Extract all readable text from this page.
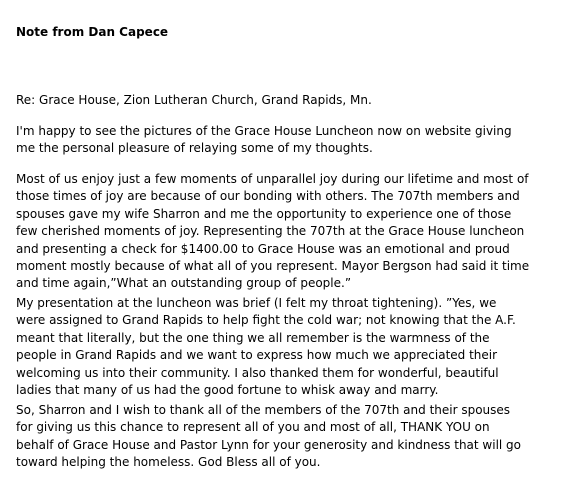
Note from Dan Capece

Re: Grace House, Zion Lutheran Church, Grand Rapids, Mn.

I'm happy to see the pictures of the Grace House Luncheon now on website giving
me the personal pleasure of relaying some of my thoughts.

Most of us enjoy just a few moments of unparallel joy during our lifetime and most of
those times of joy are because of our bonding with others. The 707th members and
spouses gave my wife Sharron and me the opportunity to experience one of those
few cherished moments of joy. Representing the 707th at the Grace House luncheon
and presenting a check for $1400.00 to Grace House was an emotional and proud
moment mostly because of what all of you represent. Mayor Bergson had said it time
and time again,”What an outstanding group of people.”

My presentation at the luncheon was brief (I felt my throat tightening). ”Yes, we
were assigned to Grand Rapids to help fight the cold war; not knowing that the A.F.
meant that literally, but the one thing we all remember is the warmness of the
people in Grand Rapids and we want to express how much we appreciated their
welcoming us into their community. I also thanked them for wonderful, beautiful
ladies that many of us had the good fortune to whisk away and marry.

So, Sharron and I wish to thank all of the members of the 707th and their spouses
for giving us this chance to represent all of you and most of all, THANK YOU on
behalf of Grace House and Pastor Lynn for your generosity and kindness that will go
toward helping the homeless. God Bless all of you.
